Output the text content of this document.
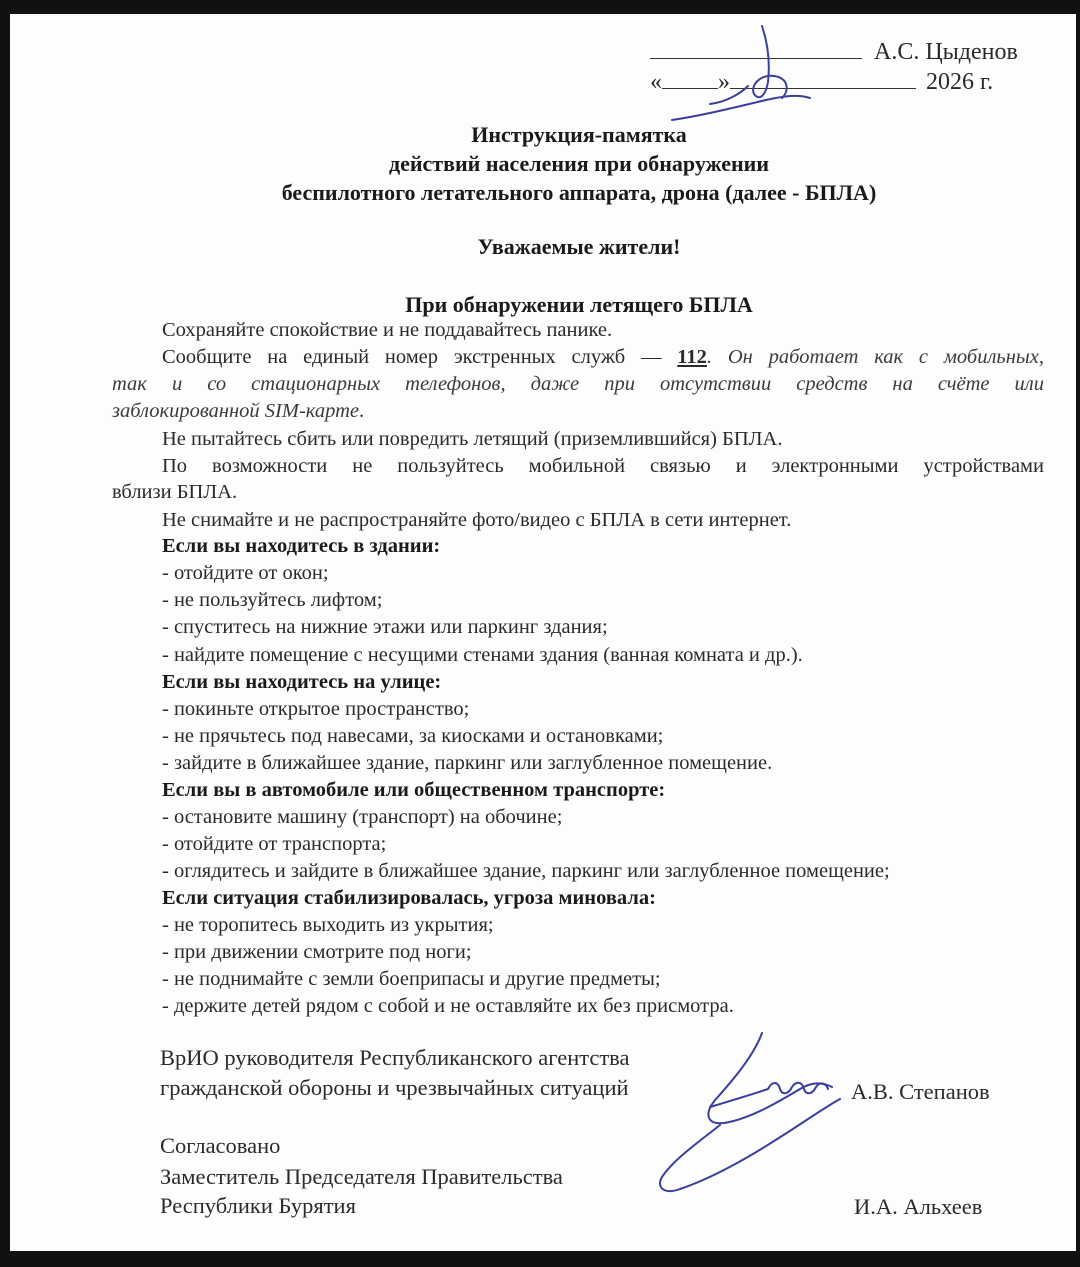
А.С. Цыденов
« »	2026 г.
Инструкция-памятка
действий населения при обнаружении
беспилотного летательного аппарата, дрона (далее - БПЛА)
Уважаемые жители!
При обнаружении летящего БПЛА
Сохраняйте спокойствие и не поддавайтесь панике.
Сообщите на единый номер экстренных служб — 112. Он работает как с мобильных,
так и со стационарных телефонов, даже при отсутствии средств на счёте или
заблокированной SIM-карте.
Не пытайтесь сбить или повредить летящий (приземлившийся) БПЛА.
По возможности не пользуйтесь мобильной связью и электронными устройствами
вблизи БПЛА.
Не снимайте и не распространяйте фото/видео с БПЛА в сети интернет.
Если вы находитесь в здании:
- отойдите от окон;
- не пользуйтесь лифтом;
- спуститесь на нижние этажи или паркинг здания;
- найдите помещение с несущими стенами здания (ванная комната и др.).
Если вы находитесь на улице:
- покиньте открытое пространство;
- не прячьтесь под навесами, за киосками и остановками;
- зайдите в ближайшее здание, паркинг или заглубленное помещение.
Если вы в автомобиле или общественном транспорте:
- остановите машину (транспорт) на обочине;
- отойдите от транспорта;
- оглядитесь и зайдите в ближайшее здание, паркинг или заглубленное помещение;
Если ситуация стабилизировалась, угроза миновала:
- не торопитесь выходить из укрытия;
- при движении смотрите под ноги;
- не поднимайте с земли боеприпасы и другие предметы;
- держите детей рядом с собой и не оставляйте их без присмотра.
ВрИО руководителя Республиканского агентства
гражданской обороны и чрезвычайных ситуаций	А.В. Степанов
Согласовано
Заместитель Председателя Правительства
Республики Бурятия	И.А. Альхеев
